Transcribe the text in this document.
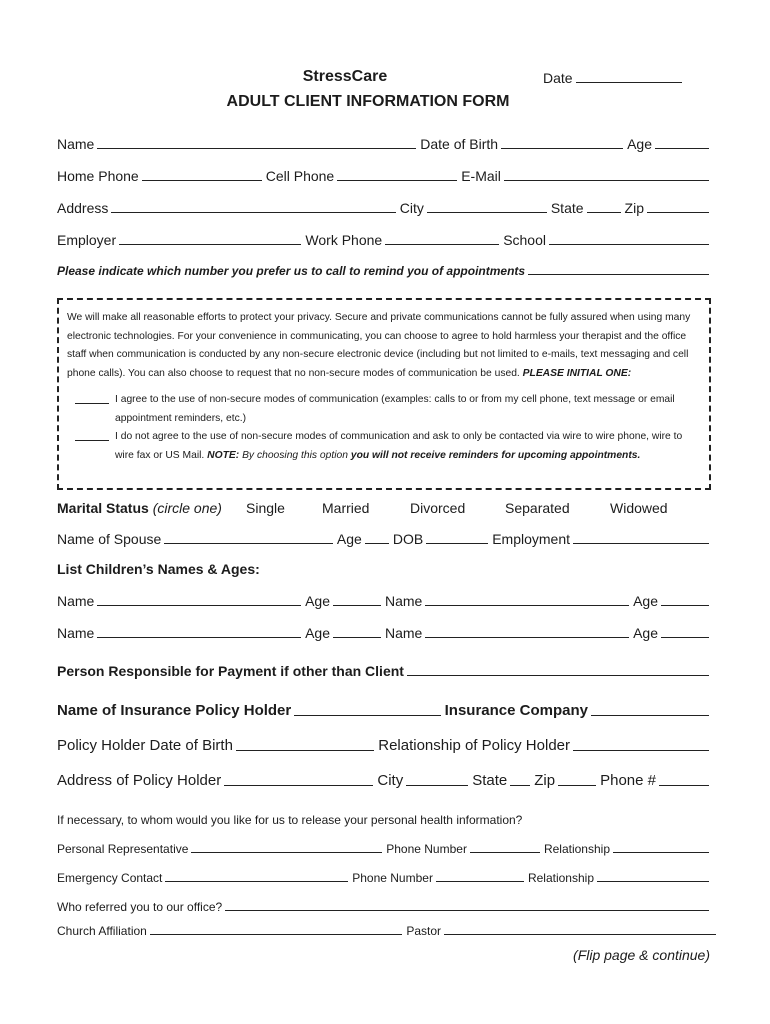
StressCare
ADULT CLIENT INFORMATION FORM
Date
Name	Date of Birth	Age
Home Phone	Cell Phone	E-Mail
Address	City	State	Zip
Employer	Work Phone	School
Please indicate which number you prefer us to call to remind you of appointments

We will make all reasonable efforts to protect your privacy. Secure and private communications cannot be fully assured when using many electronic technologies. For your convenience in communicating, you can choose to agree to hold harmless your therapist and the office staff when communication is conducted by any non-secure electronic device (including but not limited to e-mails, text messaging and cell phone calls). You can also choose to request that no non-secure modes of communication be used. PLEASE INITIAL ONE:

I agree to the use of non-secure modes of communication (examples: calls to or from my cell phone, text message or email appointment reminders, etc.)
I do not agree to the use of non-secure modes of communication and ask to only be contacted via wire to wire phone, wire to wire fax or US Mail. NOTE: By choosing this option you will not receive reminders for upcoming appointments.
Marital Status (circle one) Single	Married	Divorced	Separated	Widowed
Name of Spouse	Age DOB	Employment
List Children’s Names & Ages:
Name	Age	Name	Age
Name	Age	Name	Age
Person Responsible for Payment if other than Client
Name of Insurance Policy Holder	Insurance Company
Policy Holder Date of Birth	Relationship of Policy Holder
Address of Policy Holder	City	State Zip	Phone #
If necessary, to whom would you like for us to release your personal health information?
Personal Representative	Phone Number	Relationship
Emergency Contact	Phone Number	Relationship
Who referred you to our office?
Church Affiliation	Pastor
(Flip page & continue)
